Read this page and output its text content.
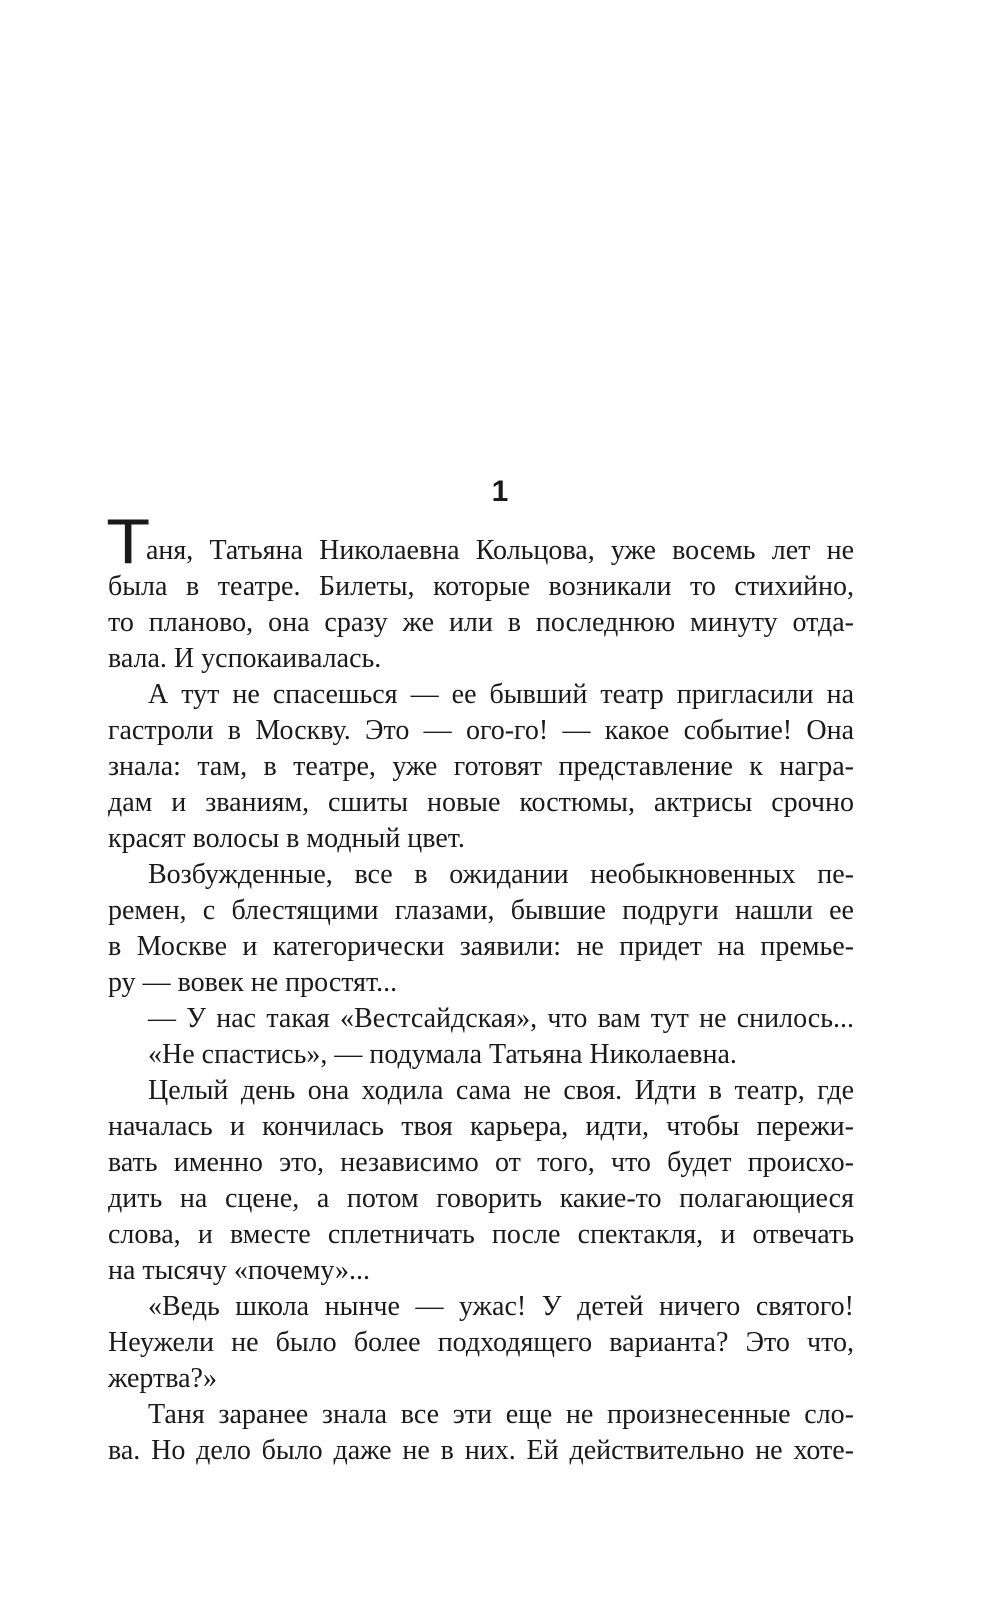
1
Т
аня, Татьяна Николаевна Кольцова, уже восемь лет не
была в театре. Билеты, которые возникали то стихийно,
то планово, она сразу же или в последнюю минуту отда-
вала. И успокаивалась.
А тут не спасешься — ее бывший театр пригласили на
гастроли в Москву. Это — ого-го! — какое событие! Она
знала: там, в театре, уже готовят представление к награ-
дам и званиям, сшиты новые костюмы, актрисы срочно
красят волосы в модный цвет.
Возбужденные, все в ожидании необыкновенных пе-
ремен, с блестящими глазами, бывшие подруги нашли ее
в Москве и категорически заявили: не придет на премье-
ру — вовек не простят...
— У нас такая «Вестсайдская», что вам тут не снилось...
«Не спастись», — подумала Татьяна Николаевна.
Целый день она ходила сама не своя. Идти в театр, где
началась и кончилась твоя карьера, идти, чтобы пережи-
вать именно это, независимо от того, что будет происхо-
дить на сцене, а потом говорить какие-то полагающиеся
слова, и вместе сплетничать после спектакля, и отвечать
на тысячу «почему»...
«Ведь школа нынче — ужас! У детей ничего святого!
Неужели не было более подходящего варианта? Это что,
жертва?»
Таня заранее знала все эти еще не произнесенные сло-
ва. Но дело было даже не в них. Ей действительно не хоте-
